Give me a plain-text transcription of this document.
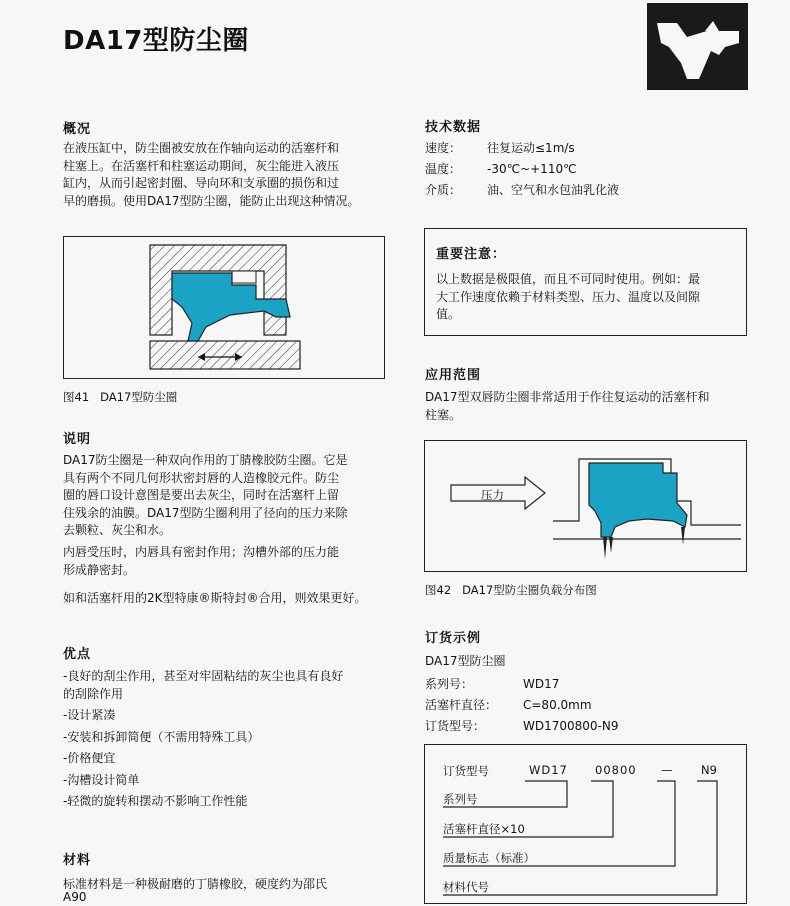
DA17型防尘圈
概况
在液压缸中，防尘圈被安放在作轴向运动的活塞杆和
柱塞上。在活塞杆和柱塞运动期间，灰尘能进入液压
缸内，从而引起密封圈、导向环和支承圈的损伤和过
早的磨损。使用DA17型防尘圈，能防止出现这种情况。
图41 DA17型防尘圈
说明
DA17防尘圈是一种双向作用的丁腈橡胶防尘圈。它是
具有两个不同几何形状密封唇的人造橡胶元件。防尘
圈的唇口设计意图是要出去灰尘，同时在活塞杆上留
住残余的油膜。DA17型防尘圈利用了径向的压力来除
去颗粒、灰尘和水。
内唇受压时，内唇具有密封作用；沟槽外部的压力能
形成静密封。
如和活塞杆用的2K型特康®斯特封®合用，则效果更好。
优点
-良好的刮尘作用，甚至对牢固粘结的灰尘也具有良好
的刮除作用
-设计紧凑
-安装和拆卸简便（不需用特殊工具）
-价格便宜
-沟槽设计简单
-轻微的旋转和摆动不影响工作性能
材料
标准材料是一种极耐磨的丁腈橡胶，硬度约为邵氏
A90
技术数据
速度： 往复运动≤1m/s
温度： -30℃~+110℃
介质： 油、空气和水包油乳化液
重要注意：
以上数据是极限值，而且不可同时使用。例如：最
大工作速度依赖于材料类型、压力、温度以及间隙
值。
应用范围
DA17型双唇防尘圈非常适用于作往复运动的活塞杆和
柱塞。
压力
图42 DA17型防尘圈负载分布图
订货示例
DA17型防尘圈
系列号：	WD17
活塞杆直径： C=80.0mm
订货型号：	WD1700800-N9
订货型号	WD17 00800 — N9
系列号
活塞杆直径×10
质量标志（标准）
材料代号
